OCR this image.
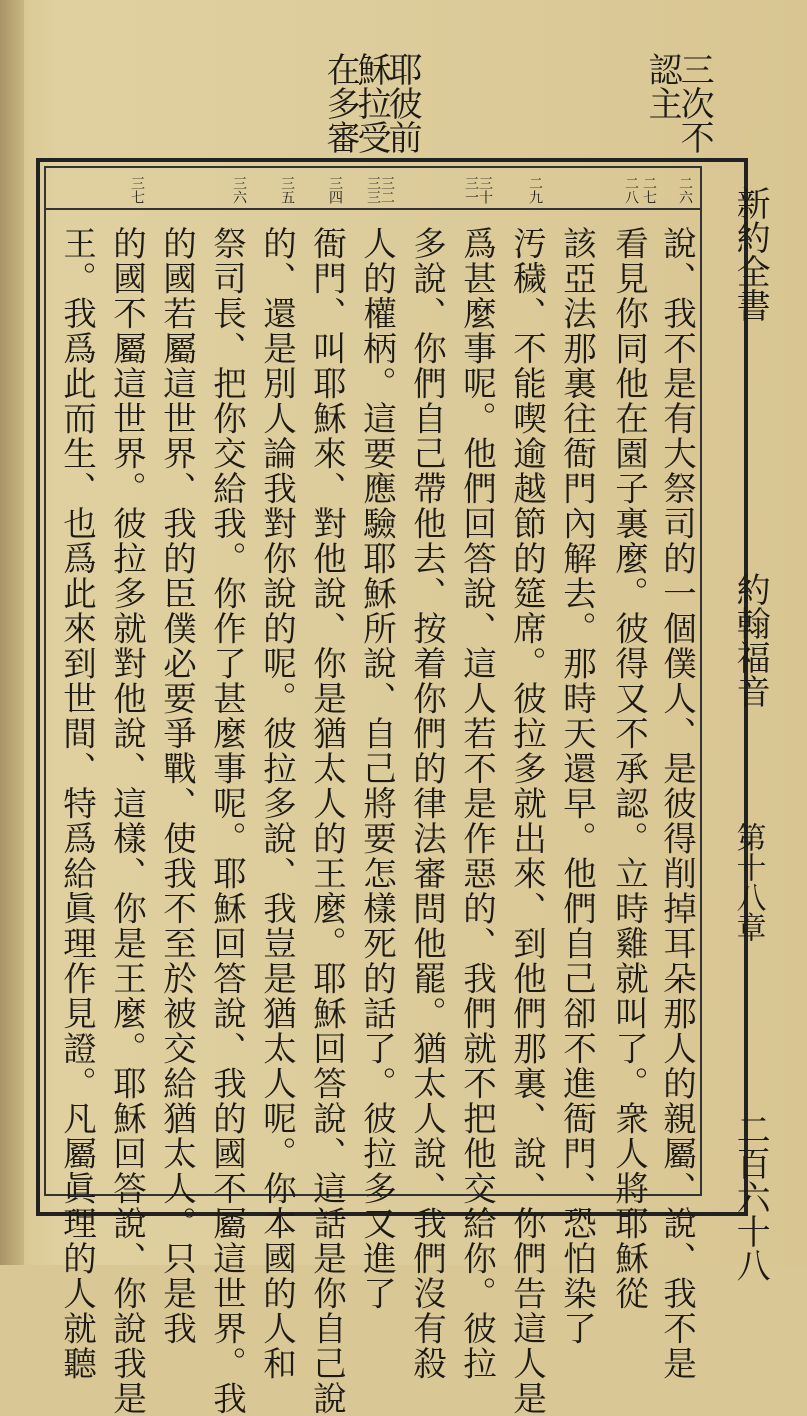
耶彼前
穌拉受
在多審	三次不
認主
新約全書
約翰福音
第十八章
二百六十八
二六
二七
二八
二九
三十
三一
三二
三三
三四
三五
三六
三七
說、我不是有大祭司的一個僕人、是彼得削掉耳朵那人的親屬、說、我不是
看見你同他在園子裏麼。彼得又不承認。立時雞就叫了。衆人將耶穌從
該亞法那裏往衙門內解去。那時天還早。他們自己卻不進衙門、恐怕染了
汚穢、不能喫逾越節的筵席。彼拉多就出來、到他們那裏、說、你們告這人是
爲甚麼事呢。他們回答說、這人若不是作惡的、我們就不把他交給你。彼拉
多說、你們自己帶他去、按着你們的律法審問他罷。猶太人說、我們沒有殺
人的權柄。這要應驗耶穌所說、自己將要怎樣死的話了。彼拉多又進了
衙門、叫耶穌來、對他說、你是猶太人的王麼。耶穌回答說、這話是你自己說
的、還是別人論我對你說的呢。彼拉多說、我豈是猶太人呢。你本國的人和
祭司長、把你交給我。你作了甚麼事呢。耶穌回答說、我的國不屬這世界。我
的國若屬這世界、我的臣僕必要爭戰、使我不至於被交給猶太人。只是我
的國不屬這世界。彼拉多就對他說、這樣、你是王麼。耶穌回答說、你說我是
王。我爲此而生、也爲此來到世間、特爲給眞理作見證。凡屬眞理的人就聽
